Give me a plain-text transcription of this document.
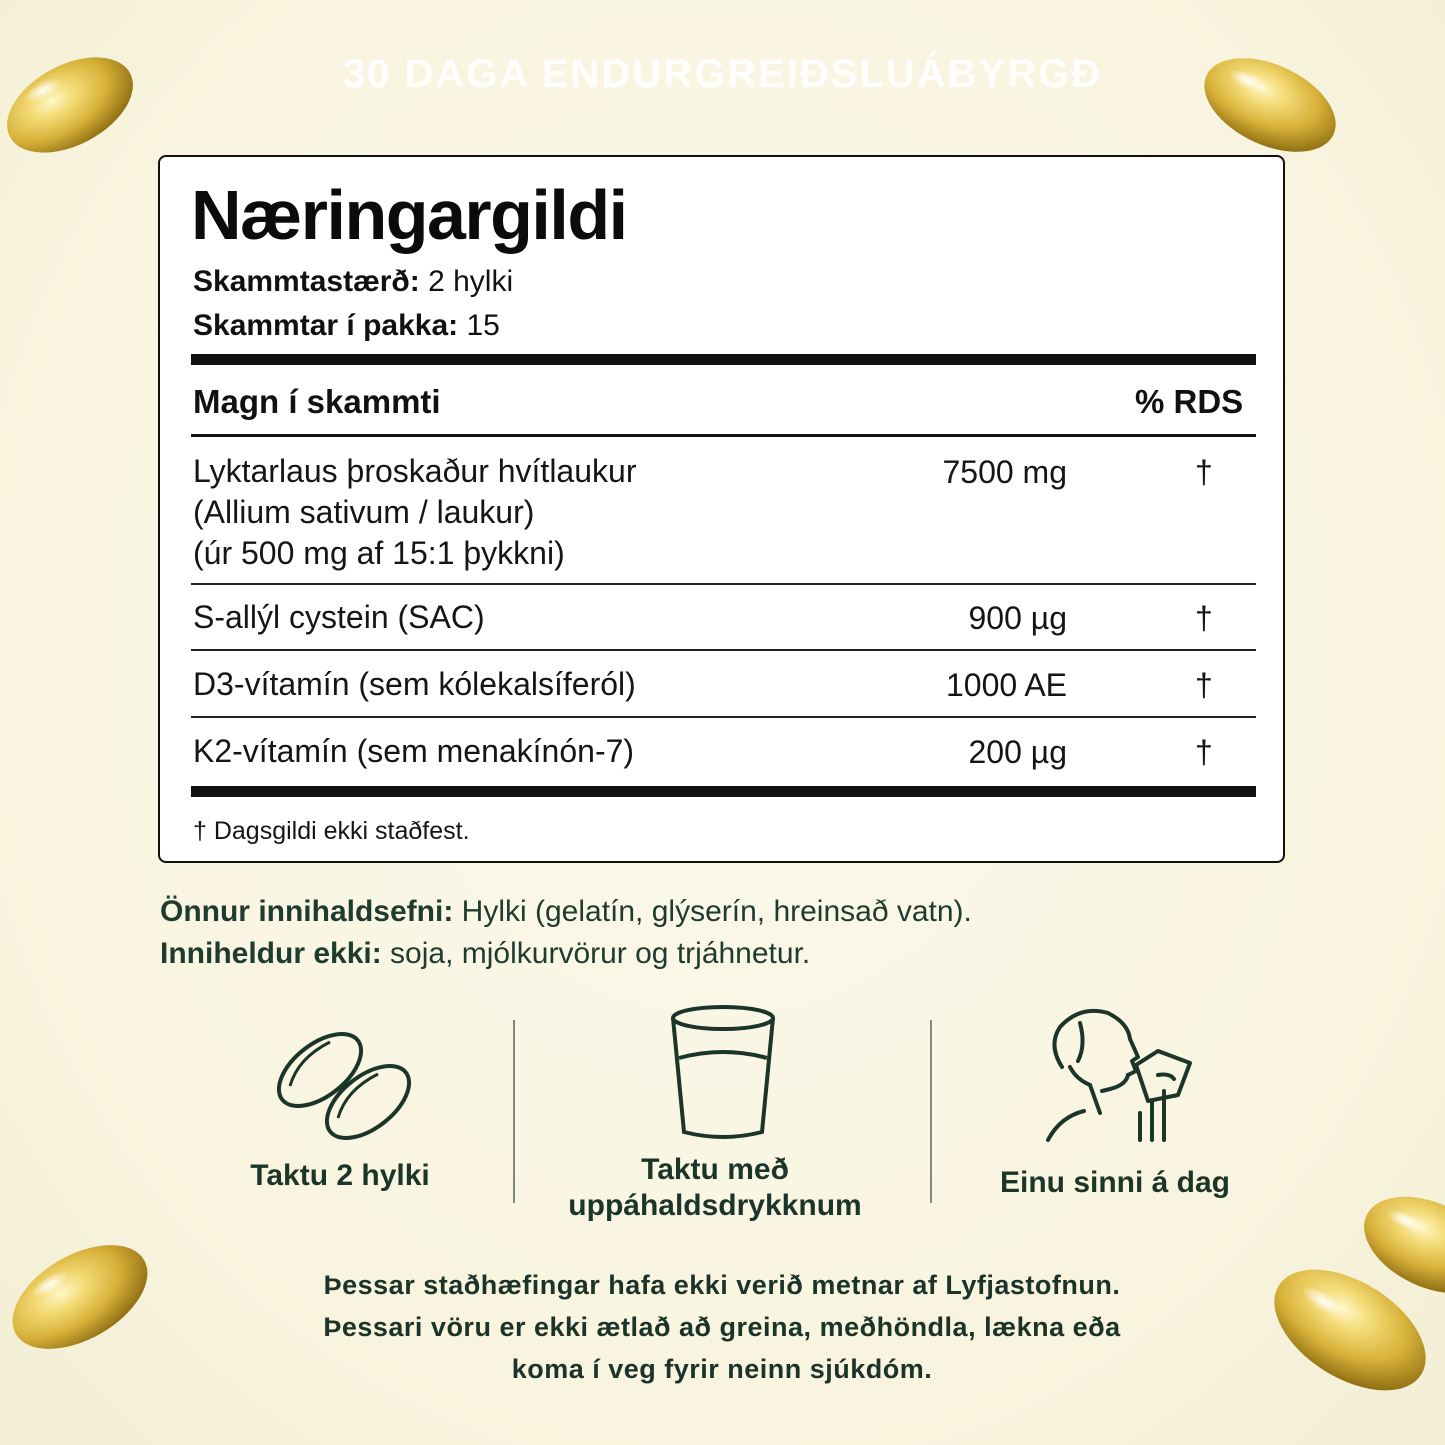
30 DAGA ENDURGREIÐSLUÁBYRGÐ
Næringargildi
Skammtastærð: 2 hylki
Skammtar í pakka: 15
Magn í skammti	% RDS
Lyktarlaus þroskaður hvítlaukur
(Allium sativum / laukur)
(úr 500 mg af 15:1 þykkni)
7500 mg	†
S-allýl cystein (SAC)	900 µg	†
D3-vítamín (sem kólekalsíferól)	1000 AE	†
K2-vítamín (sem menakínón-7)	200 µg	†
† Dagsgildi ekki staðfest.
Önnur innihaldsefni: Hylki (gelatín, glýserín, hreinsað vatn).
Inniheldur ekki: soja, mjólkurvörur og trjáhnetur.
Taktu 2 hylki	Taktu með uppáhaldsdrykknum
Einu sinni á dag
Þessar staðhæfingar hafa ekki verið metnar af Lyfjastofnun.
Þessari vöru er ekki ætlað að greina, meðhöndla, lækna eða
koma í veg fyrir neinn sjúkdóm.
